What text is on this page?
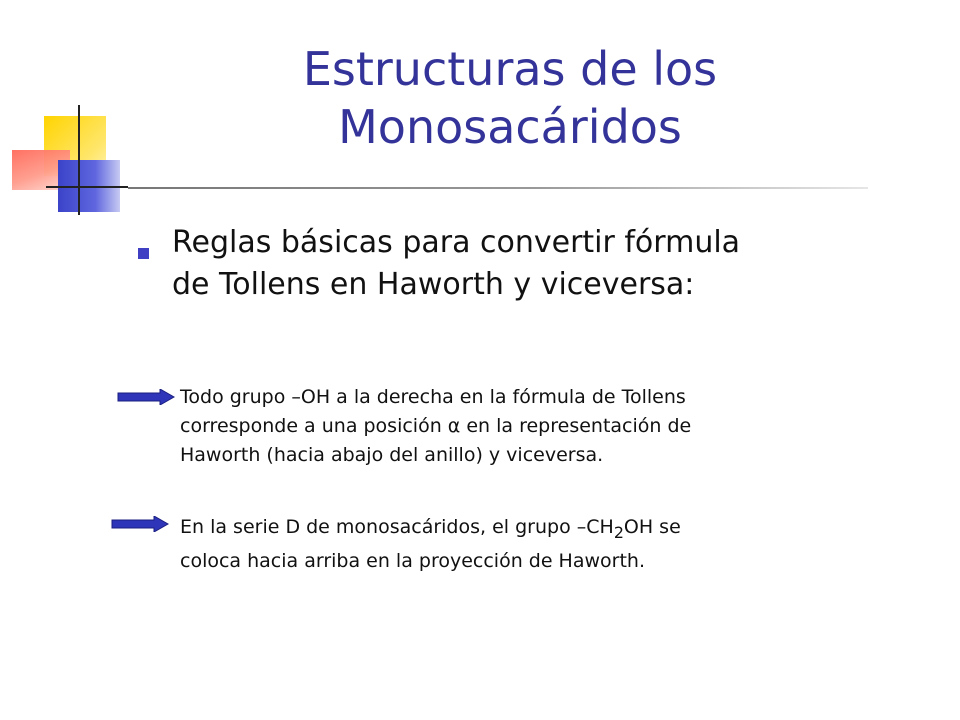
Estructuras de los
Monosacáridos
Reglas básicas para convertir fórmula
de Tollens en Haworth y viceversa:

Todo grupo –OH a la derecha en la fórmula de Tollens

corresponde a una posición α en la representación de

Haworth (hacia abajo del anillo) y viceversa.

En la serie D de monosacáridos, el grupo $-CH_2OH$ se

coloca hacia arriba en la proyección de Haworth.
